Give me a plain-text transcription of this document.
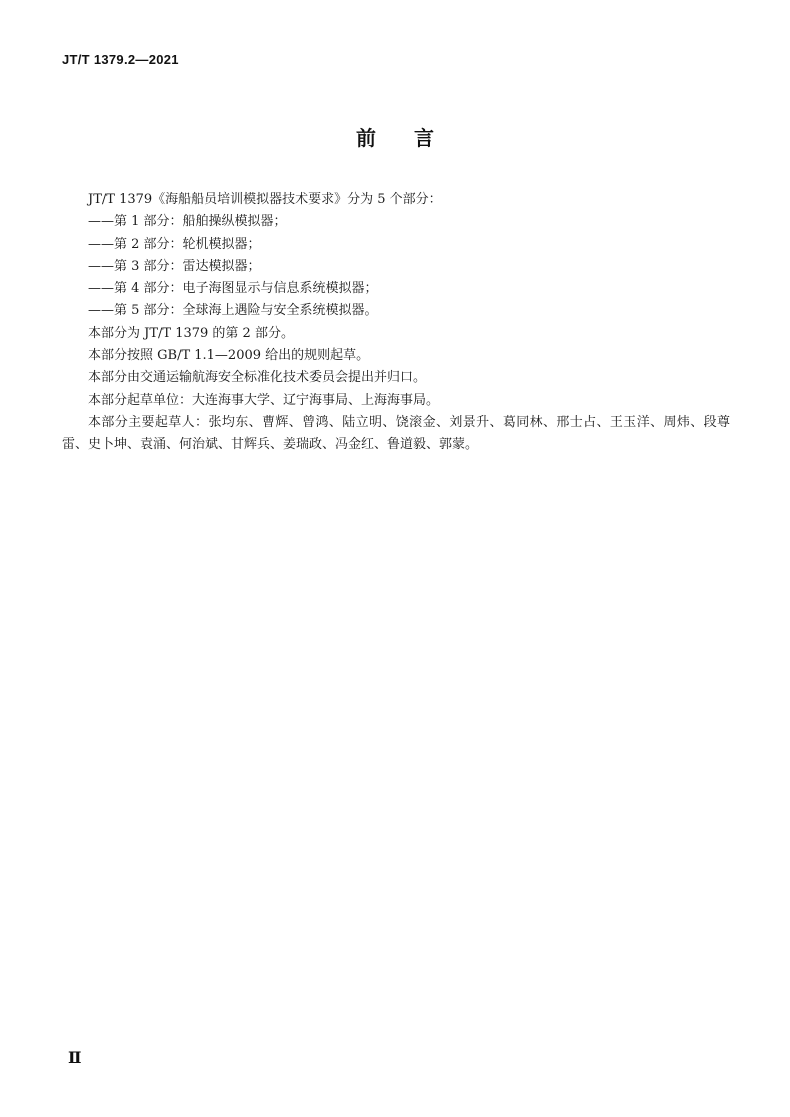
JT/T 1379.2—2021
前言

JT/T 1379《海船船员培训模拟器技术要求》分为 5 个部分：

——第 1 部分：船舶操纵模拟器；

——第 2 部分：轮机模拟器；

——第 3 部分：雷达模拟器；

——第 4 部分：电子海图显示与信息系统模拟器；

——第 5 部分：全球海上遇险与安全系统模拟器。

本部分为 JT/T 1379 的第 2 部分。

本部分按照 GB/T 1.1—2009 给出的规则起草。

本部分由交通运输航海安全标准化技术委员会提出并归口。

本部分起草单位：大连海事大学、辽宁海事局、上海海事局。

本部分主要起草人：张均东、曹辉、曾鸿、陆立明、饶滚金、刘景升、葛同林、邢士占、王玉洋、周炜、段尊雷、史卜坤、袁涌、何治斌、甘辉兵、姜瑞政、冯金红、鲁道毅、郭蒙。

Ⅱ
